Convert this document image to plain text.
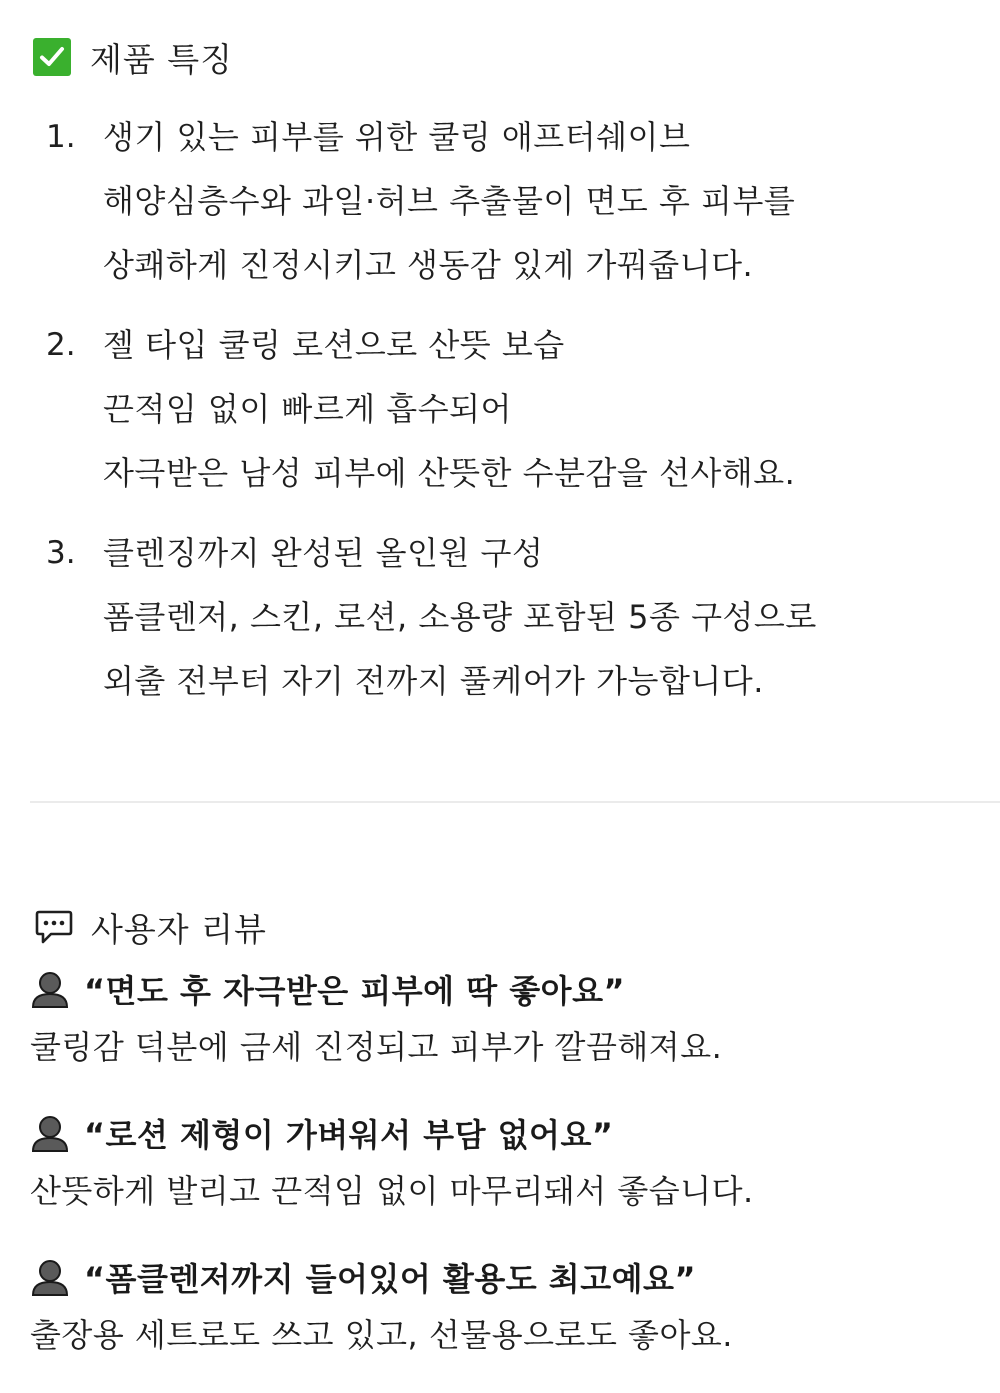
제품 특징
1. 생기 있는 피부를 위한 쿨링 애프터쉐이브
해양심층수와 과일·허브 추출물이 면도 후 피부를
상쾌하게 진정시키고 생동감 있게 가꿔줍니다.
2. 젤 타입 쿨링 로션으로 산뜻 보습
끈적임 없이 빠르게 흡수되어
자극받은 남성 피부에 산뜻한 수분감을 선사해요.
3. 클렌징까지 완성된 올인원 구성
폼클렌저, 스킨, 로션, 소용량 포함된 5종 구성으로
외출 전부터 자기 전까지 풀케어가 가능합니다.
사용자 리뷰
“면도 후 자극받은 피부에 딱 좋아요”
쿨링감 덕분에 금세 진정되고 피부가 깔끔해져요.
“로션 제형이 가벼워서 부담 없어요”
산뜻하게 발리고 끈적임 없이 마무리돼서 좋습니다.
“폼클렌저까지 들어있어 활용도 최고예요”
출장용 세트로도 쓰고 있고, 선물용으로도 좋아요.
